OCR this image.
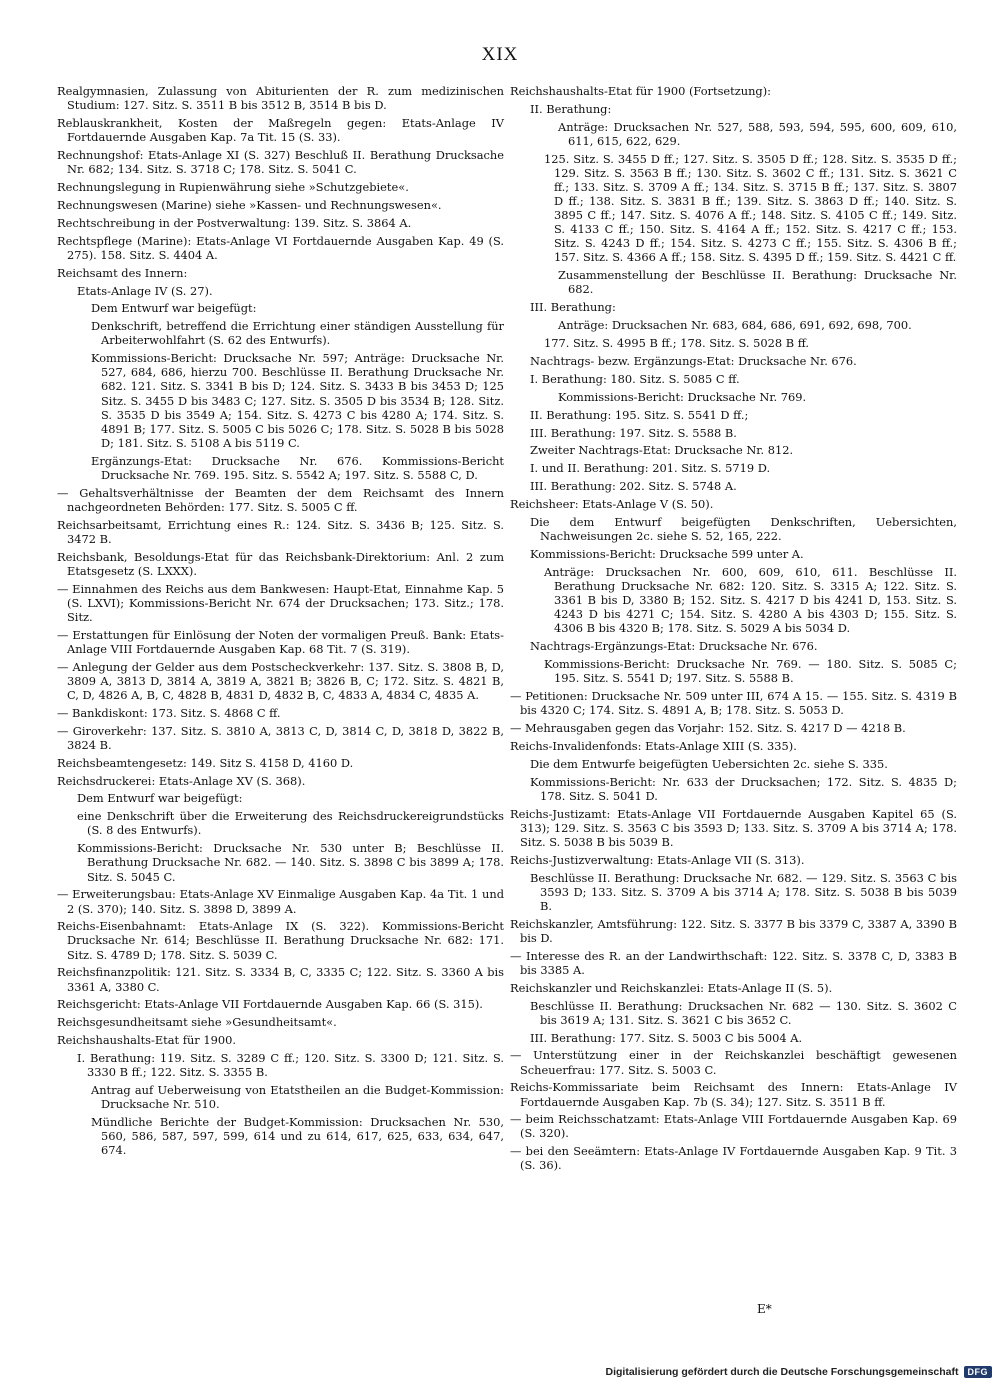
XIX

Realgymnasien, Zulassung von Abiturienten der R. zum medizinischen Studium: 127. Sitz. S. 3511 B bis 3512 B, 3514 B bis D.

Reblauskrankheit, Kosten der Maßregeln gegen: Etats-Anlage IV Fortdauernde Ausgaben Kap. 7a Tit. 15 (S. 33).

Rechnungshof: Etats-Anlage XI (S. 327) Beschluß II. Berathung Drucksache Nr. 682; 134. Sitz. S. 3718 C; 178. Sitz. S. 5041 C.

Rechnungslegung in Rupienwährung siehe »Schutzgebiete«.

Rechnungswesen (Marine) siehe »Kassen- und Rechnungswesen«.

Rechtschreibung in der Postverwaltung: 139. Sitz. S. 3864 A.

Rechtspflege (Marine): Etats-Anlage VI Fortdauernde Ausgaben Kap. 49 (S. 275). 158. Sitz. S. 4404 A.

Reichsamt des Innern:

Etats-Anlage IV (S. 27).

Dem Entwurf war beigefügt:

Denkschrift, betreffend die Errichtung einer ständigen Ausstellung für Arbeiterwohlfahrt (S. 62 des Entwurfs).

Kommissions-Bericht: Drucksache Nr. 597; Anträge: Drucksache Nr. 527, 684, 686, hierzu 700. Beschlüsse II. Berathung Drucksache Nr. 682. 121. Sitz. S. 3341 B bis D; 124. Sitz. S. 3433 B bis 3453 D; 125 Sitz. S. 3455 D bis 3483 C; 127. Sitz. S. 3505 D bis 3534 B; 128. Sitz. S. 3535 D bis 3549 A; 154. Sitz. S. 4273 C bis 4280 A; 174. Sitz. S. 4891 B; 177. Sitz. S. 5005 C bis 5026 C; 178. Sitz. S. 5028 B bis 5028 D; 181. Sitz. S. 5108 A bis 5119 C.

Ergänzungs-Etat: Drucksache Nr. 676. Kommissions-Bericht Drucksache Nr. 769. 195. Sitz. S. 5542 A; 197. Sitz. S. 5588 C, D.

— Gehaltsverhältnisse der Beamten der dem Reichsamt des Innern nachgeordneten Behörden: 177. Sitz. S. 5005 C ff.

Reichsarbeitsamt, Errichtung eines R.: 124. Sitz. S. 3436 B; 125. Sitz. S. 3472 B.

Reichsbank, Besoldungs-Etat für das Reichsbank-Direktorium: Anl. 2 zum Etatsgesetz (S. LXXX).

— Einnahmen des Reichs aus dem Bankwesen: Haupt-Etat, Einnahme Kap. 5 (S. LXVI); Kommissions-Bericht Nr. 674 der Drucksachen; 173. Sitz.; 178. Sitz.

— Erstattungen für Einlösung der Noten der vormaligen Preuß. Bank: Etats-Anlage VIII Fortdauernde Ausgaben Kap. 68 Tit. 7 (S. 319).

— Anlegung der Gelder aus dem Postscheckverkehr: 137. Sitz. S. 3808 B, D, 3809 A, 3813 D, 3814 A, 3819 A, 3821 B; 3826 B, C; 172. Sitz. S. 4821 B, C, D, 4826 A, B, C, 4828 B, 4831 D, 4832 B, C, 4833 A, 4834 C, 4835 A.

— Bankdiskont: 173. Sitz. S. 4868 C ff.

— Giroverkehr: 137. Sitz. S. 3810 A, 3813 C, D, 3814 C, D, 3818 D, 3822 B, 3824 B.

Reichsbeamtengesetz: 149. Sitz S. 4158 D, 4160 D.

Reichsdruckerei: Etats-Anlage XV (S. 368).

Dem Entwurf war beigefügt:

eine Denkschrift über die Erweiterung des Reichsdruckereigrundstücks (S. 8 des Entwurfs).

Kommissions-Bericht: Drucksache Nr. 530 unter B; Beschlüsse II. Berathung Drucksache Nr. 682. — 140. Sitz. S. 3898 C bis 3899 A; 178. Sitz. S. 5045 C.

— Erweiterungsbau: Etats-Anlage XV Einmalige Ausgaben Kap. 4a Tit. 1 und 2 (S. 370); 140. Sitz. S. 3898 D, 3899 A.

Reichs-Eisenbahnamt: Etats-Anlage IX (S. 322). Kommissions-Bericht Drucksache Nr. 614; Beschlüsse II. Berathung Drucksache Nr. 682: 171. Sitz. S. 4789 D; 178. Sitz. S. 5039 C.

Reichsfinanzpolitik: 121. Sitz. S. 3334 B, C, 3335 C; 122. Sitz. S. 3360 A bis 3361 A, 3380 C.

Reichsgericht: Etats-Anlage VII Fortdauernde Ausgaben Kap. 66 (S. 315).

Reichsgesundheitsamt siehe »Gesundheitsamt«.

Reichshaushalts-Etat für 1900.

I. Berathung: 119. Sitz. S. 3289 C ff.; 120. Sitz. S. 3300 D; 121. Sitz. S. 3330 B ff.; 122. Sitz. S. 3355 B.

Antrag auf Ueberweisung von Etatstheilen an die Budget-Kommission: Drucksache Nr. 510.

Mündliche Berichte der Budget-Kommission: Drucksachen Nr. 530, 560, 586, 587, 597, 599, 614 und zu 614, 617, 625, 633, 634, 647, 674.

Reichshaushalts-Etat für 1900 (Fortsetzung):

II. Berathung:

Anträge: Drucksachen Nr. 527, 588, 593, 594, 595, 600, 609, 610, 611, 615, 622, 629.

125. Sitz. S. 3455 D ff.; 127. Sitz. S. 3505 D ff.; 128. Sitz. S. 3535 D ff.; 129. Sitz. S. 3563 B ff.; 130. Sitz. S. 3602 C ff.; 131. Sitz. S. 3621 C ff.; 133. Sitz. S. 3709 A ff.; 134. Sitz. S. 3715 B ff.; 137. Sitz. S. 3807 D ff.; 138. Sitz. S. 3831 B ff.; 139. Sitz. S. 3863 D ff.; 140. Sitz. S. 3895 C ff.; 147. Sitz. S. 4076 A ff.; 148. Sitz. S. 4105 C ff.; 149. Sitz. S. 4133 C ff.; 150. Sitz. S. 4164 A ff.; 152. Sitz. S. 4217 C ff.; 153. Sitz. S. 4243 D ff.; 154. Sitz. S. 4273 C ff.; 155. Sitz. S. 4306 B ff.; 157. Sitz. S. 4366 A ff.; 158. Sitz. S. 4395 D ff.; 159. Sitz. S. 4421 C ff.

Zusammenstellung der Beschlüsse II. Berathung: Drucksache Nr. 682.

III. Berathung:

Anträge: Drucksachen Nr. 683, 684, 686, 691, 692, 698, 700.

177. Sitz. S. 4995 B ff.; 178. Sitz. S. 5028 B ff.

Nachtrags- bezw. Ergänzungs-Etat: Drucksache Nr. 676.

I. Berathung: 180. Sitz. S. 5085 C ff.

Kommissions-Bericht: Drucksache Nr. 769.

II. Berathung: 195. Sitz. S. 5541 D ff.;

III. Berathung: 197. Sitz. S. 5588 B.

Zweiter Nachtrags-Etat: Drucksache Nr. 812.

I. und II. Berathung: 201. Sitz. S. 5719 D.

III. Berathung: 202. Sitz. S. 5748 A.

Reichsheer: Etats-Anlage V (S. 50).

Die dem Entwurf beigefügten Denkschriften, Uebersichten, Nachweisungen 2c. siehe S. 52, 165, 222.

Kommissions-Bericht: Drucksache 599 unter A.

Anträge: Drucksachen Nr. 600, 609, 610, 611. Beschlüsse II. Berathung Drucksache Nr. 682: 120. Sitz. S. 3315 A; 122. Sitz. S. 3361 B bis D, 3380 B; 152. Sitz. S. 4217 D bis 4241 D, 153. Sitz. S. 4243 D bis 4271 C; 154. Sitz. S. 4280 A bis 4303 D; 155. Sitz. S. 4306 B bis 4320 B; 178. Sitz. S. 5029 A bis 5034 D.

Nachtrags-Ergänzungs-Etat: Drucksache Nr. 676.

Kommissions-Bericht: Drucksache Nr. 769. — 180. Sitz. S. 5085 C; 195. Sitz. S. 5541 D; 197. Sitz. S. 5588 B.

— Petitionen: Drucksache Nr. 509 unter III, 674 A 15. — 155. Sitz. S. 4319 B bis 4320 C; 174. Sitz. S. 4891 A, B; 178. Sitz. S. 5053 D.

— Mehrausgaben gegen das Vorjahr: 152. Sitz. S. 4217 D — 4218 B.

Reichs-Invalidenfonds: Etats-Anlage XIII (S. 335).

Die dem Entwurfe beigefügten Uebersichten 2c. siehe S. 335.

Kommissions-Bericht: Nr. 633 der Drucksachen; 172. Sitz. S. 4835 D; 178. Sitz. S. 5041 D.

Reichs-Justizamt: Etats-Anlage VII Fortdauernde Ausgaben Kapitel 65 (S. 313); 129. Sitz. S. 3563 C bis 3593 D; 133. Sitz. S. 3709 A bis 3714 A; 178. Sitz. S. 5038 B bis 5039 B.

Reichs-Justizverwaltung: Etats-Anlage VII (S. 313).

Beschlüsse II. Berathung: Drucksache Nr. 682. — 129. Sitz. S. 3563 C bis 3593 D; 133. Sitz. S. 3709 A bis 3714 A; 178. Sitz. S. 5038 B bis 5039 B.

Reichskanzler, Amtsführung: 122. Sitz. S. 3377 B bis 3379 C, 3387 A, 3390 B bis D.

— Interesse des R. an der Landwirthschaft: 122. Sitz. S. 3378 C, D, 3383 B bis 3385 A.

Reichskanzler und Reichskanzlei: Etats-Anlage II (S. 5).

Beschlüsse II. Berathung: Drucksachen Nr. 682 — 130. Sitz. S. 3602 C bis 3619 A; 131. Sitz. S. 3621 C bis 3652 C.

III. Berathung: 177. Sitz. S. 5003 C bis 5004 A.

— Unterstützung einer in der Reichskanzlei beschäftigt gewesenen Scheuerfrau: 177. Sitz. S. 5003 C.

Reichs-Kommissariate beim Reichsamt des Innern: Etats-Anlage IV Fortdauernde Ausgaben Kap. 7b (S. 34); 127. Sitz. S. 3511 B ff.

— beim Reichsschatzamt: Etats-Anlage VIII Fortdauernde Ausgaben Kap. 69 (S. 320).

— bei den Seeämtern: Etats-Anlage IV Fortdauernde Ausgaben Kap. 9 Tit. 3 (S. 36).

E*
Digitalisierung gefördert durch die Deutsche Forschungsgemeinschaft	DFG
